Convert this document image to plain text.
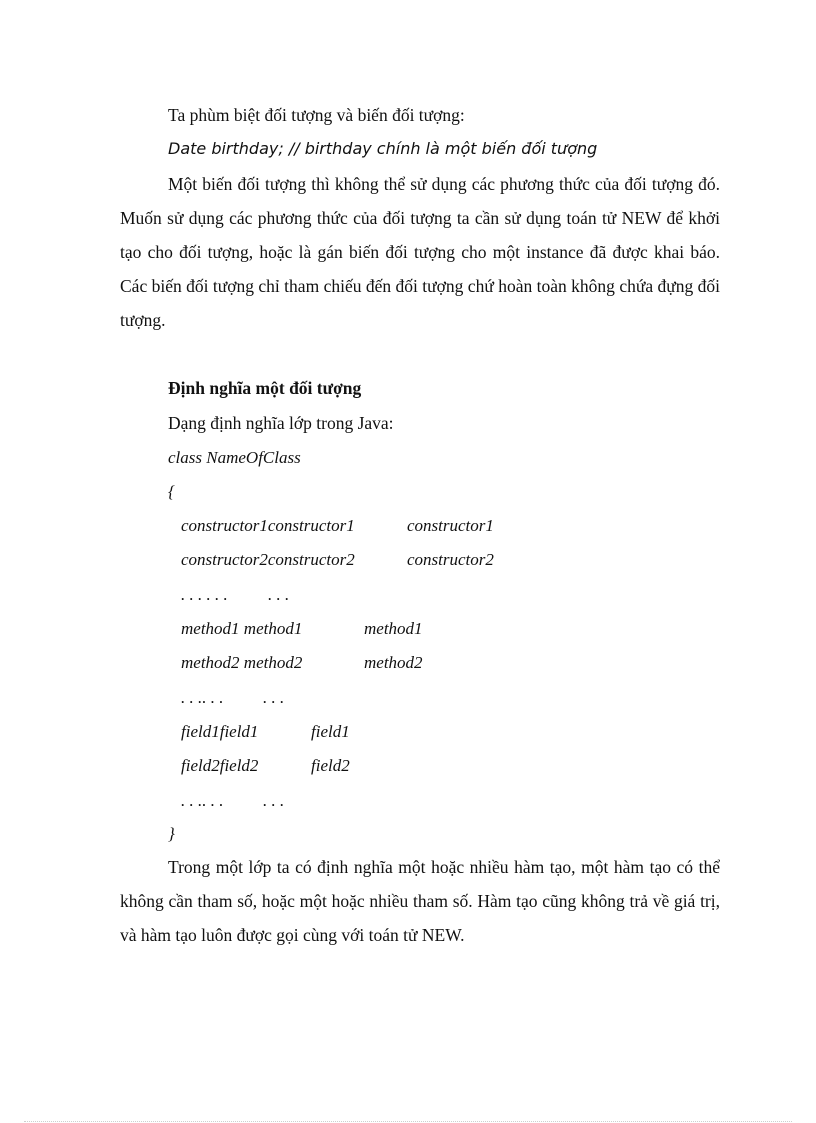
Ta phùm biệt đối tượng và biến đối tượng:
Date birthday; // birthday chính là một biến đối tượng

Một biến đối tượng thì không thể sử dụng các phương thức của đối tượng đó. Muốn sử dụng các phương thức của đối tượng ta cần sử dụng toán tử NEW để khởi tạo cho đối tượng, hoặc là gán biến đối tượng cho một instance đã được khai báo. Các biến đối tượng chỉ tham chiếu đến đối tượng chứ hoàn toàn không chứa đựng đối tượng.

Định nghĩa một đối tượng
Dạng định nghĩa lớp trong Java:
class NameOfClass
{
constructor1constructor1	constructor1
constructor2constructor2	constructor2
. . . . . . . . .
method1 method1	method1
method2 method2	method2
. . .. . . . . .
field1field1	field1
field2field2	field2
. . .. . . . . .
}

Trong một lớp ta có định nghĩa một hoặc nhiều hàm tạo, một hàm tạo có thể không cần tham số, hoặc một hoặc nhiều tham số. Hàm tạo cũng không trả về giá trị, và hàm tạo luôn được gọi cùng với toán tử NEW.
